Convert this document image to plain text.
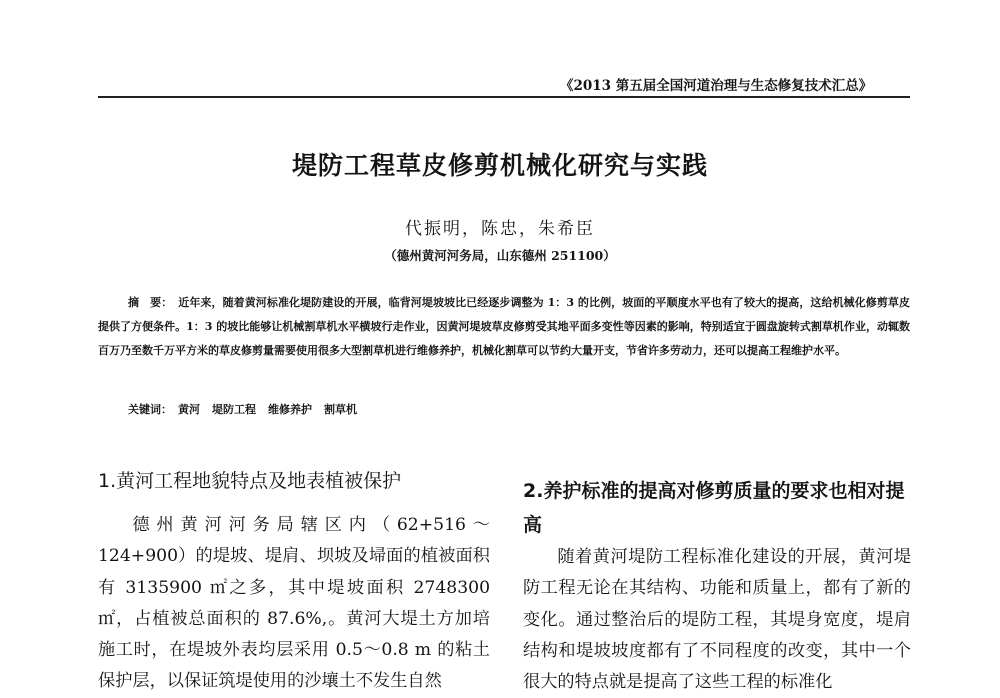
《2013 第五届全国河道治理与生态修复技术汇总》
堤防工程草皮修剪机械化研究与实践
代振明，陈忠，朱希臣
（德州黄河河务局，山东德州 251100）
摘　要： 近年来，随着黄河标准化堤防建设的开展，临背河堤坡坡比已经逐步调整为 1：3 的比例，坡面的平顺度水平也有了较大的提高，这给机械化修剪草皮提供了方便条件。1：3 的坡比能够让机械割草机水平横坡行走作业，因黄河堤坡草皮修剪受其地平面多变性等因素的影响，特别适宜于圆盘旋转式割草机作业，动辄数百万乃至数千万平方米的草皮修剪量需要使用很多大型割草机进行维修养护，机械化割草可以节约大量开支，节省许多劳动力，还可以提高工程维护水平。
关键词： 黄河 堤防工程 维修养护 割草机
1.黄河工程地貌特点及地表植被保护

德州黄河河务局辖区内（62+516～124+900）的堤坡、堤肩、坝坡及埽面的植被面积有 3135900 ㎡之多，其中堤坡面积 2748300 ㎡，占植被总面积的 87.6%,。黄河大堤土方加培施工时，在堤坡外表均层采用 0.5～0.8 m 的粘土保护层，以保证筑堤使用的沙壤土不发生自然

2.养护标准的提高对修剪质量的要求也相对提高

随着黄河堤防工程标准化建设的开展，黄河堤防工程无论在其结构、功能和质量上，都有了新的变化。通过整治后的堤防工程，其堤身宽度，堤肩结构和堤坡坡度都有了不同程度的改变，其中一个很大的特点就是提高了这些工程的标准化
